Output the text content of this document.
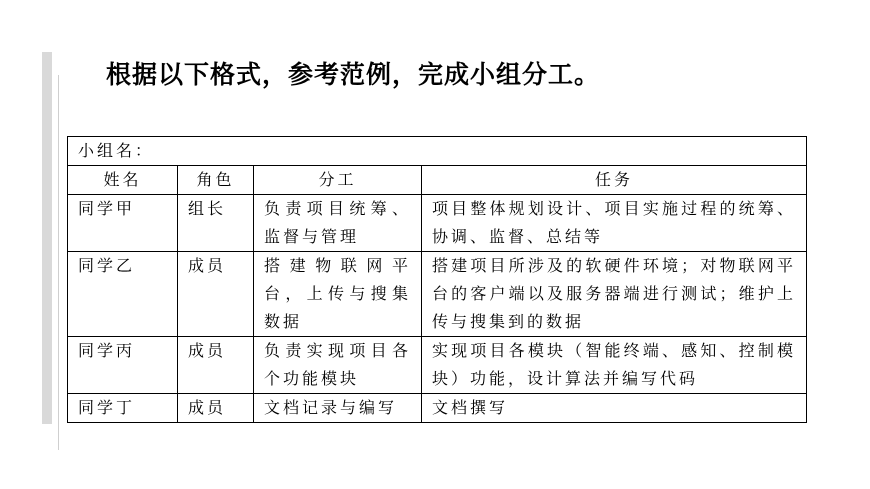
根据以下格式，参考范例，完成小组分工。
小组名：			
姓名	角色	分工	任务
同学甲	组长	负责项目统筹、监督与管理	项目整体规划设计、项目实施过程的统筹、协调、监督、总结等
同学乙	成员	搭建物联网平台，上传与搜集数据	搭建项目所涉及的软硬件环境；对物联网平台的客户端以及服务器端进行测试；维护上传与搜集到的数据
同学丙	成员	负责实现项目各个功能模块	实现项目各模块（智能终端、感知、控制模块）功能，设计算法并编写代码
同学丁	成员	文档记录与编写	文档撰写
